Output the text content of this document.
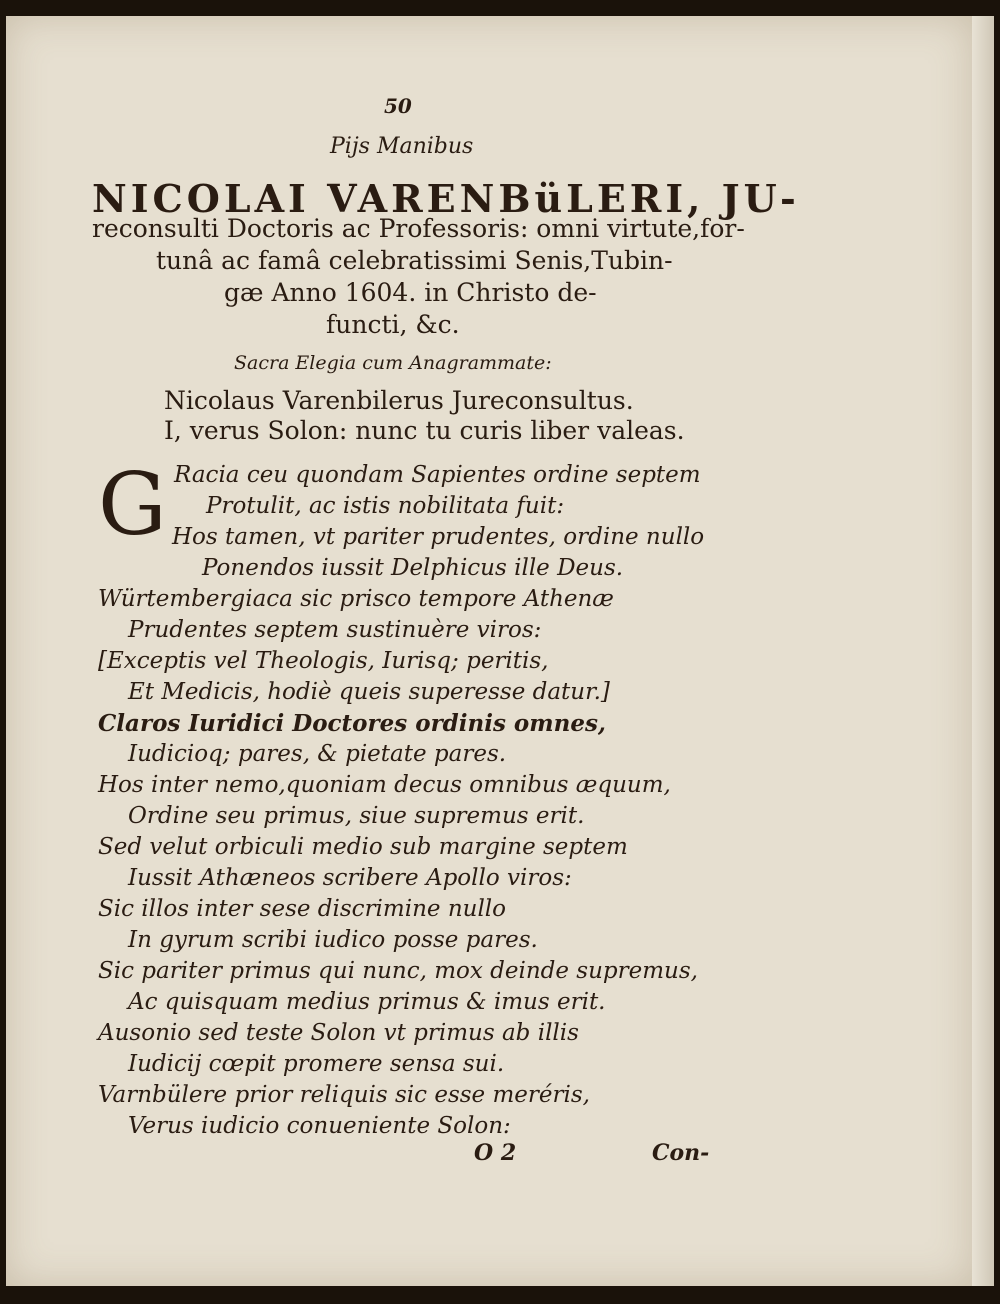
50
Pijs Manibus
NICOLAI VARENBüLERI, JU-
reconsulti Doctoris ac Professoris: omni virtute,for-
tunâ ac famâ celebratissimi Senis,Tubin-
gæ Anno 1604. in Christo de-
functi, &c.
Sacra Elegia cum Anagrammate:
Nicolaus Varenbilerus Jureconsultus.
I, verus Solon: nunc tu curis liber valeas.
G Racia ceu quondam Sapientes ordine septem
Protulit, ac istis nobilitata fuit:
Hos tamen, vt pariter prudentes, ordine nullo
Ponendos iussit Delphicus ille Deus.
Würtembergiaca sic prisco tempore Athenæ
Prudentes septem sustinuère viros:
[Exceptis vel Theologis, Iurisq; peritis,
Et Medicis, hodiè queis superesse datur.]
Claros Iuridici Doctores ordinis omnes,
Iudicioq; pares, & pietate pares.
Hos inter nemo,quoniam decus omnibus æquum,
Ordine seu primus, siue supremus erit.
Sed velut orbiculi medio sub margine septem
Iussit Athæneos scribere Apollo viros:
Sic illos inter sese discrimine nullo
In gyrum scribi iudico posse pares.
Sic pariter primus qui nunc, mox deinde supremus,
Ac quisquam medius primus & imus erit.
Ausonio sed teste Solon vt primus ab illis
Iudicij cœpit promere sensa sui.
Varnbülere prior reliquis sic esse meréris,
Verus iudicio conueniente Solon:
O 2	Con-
